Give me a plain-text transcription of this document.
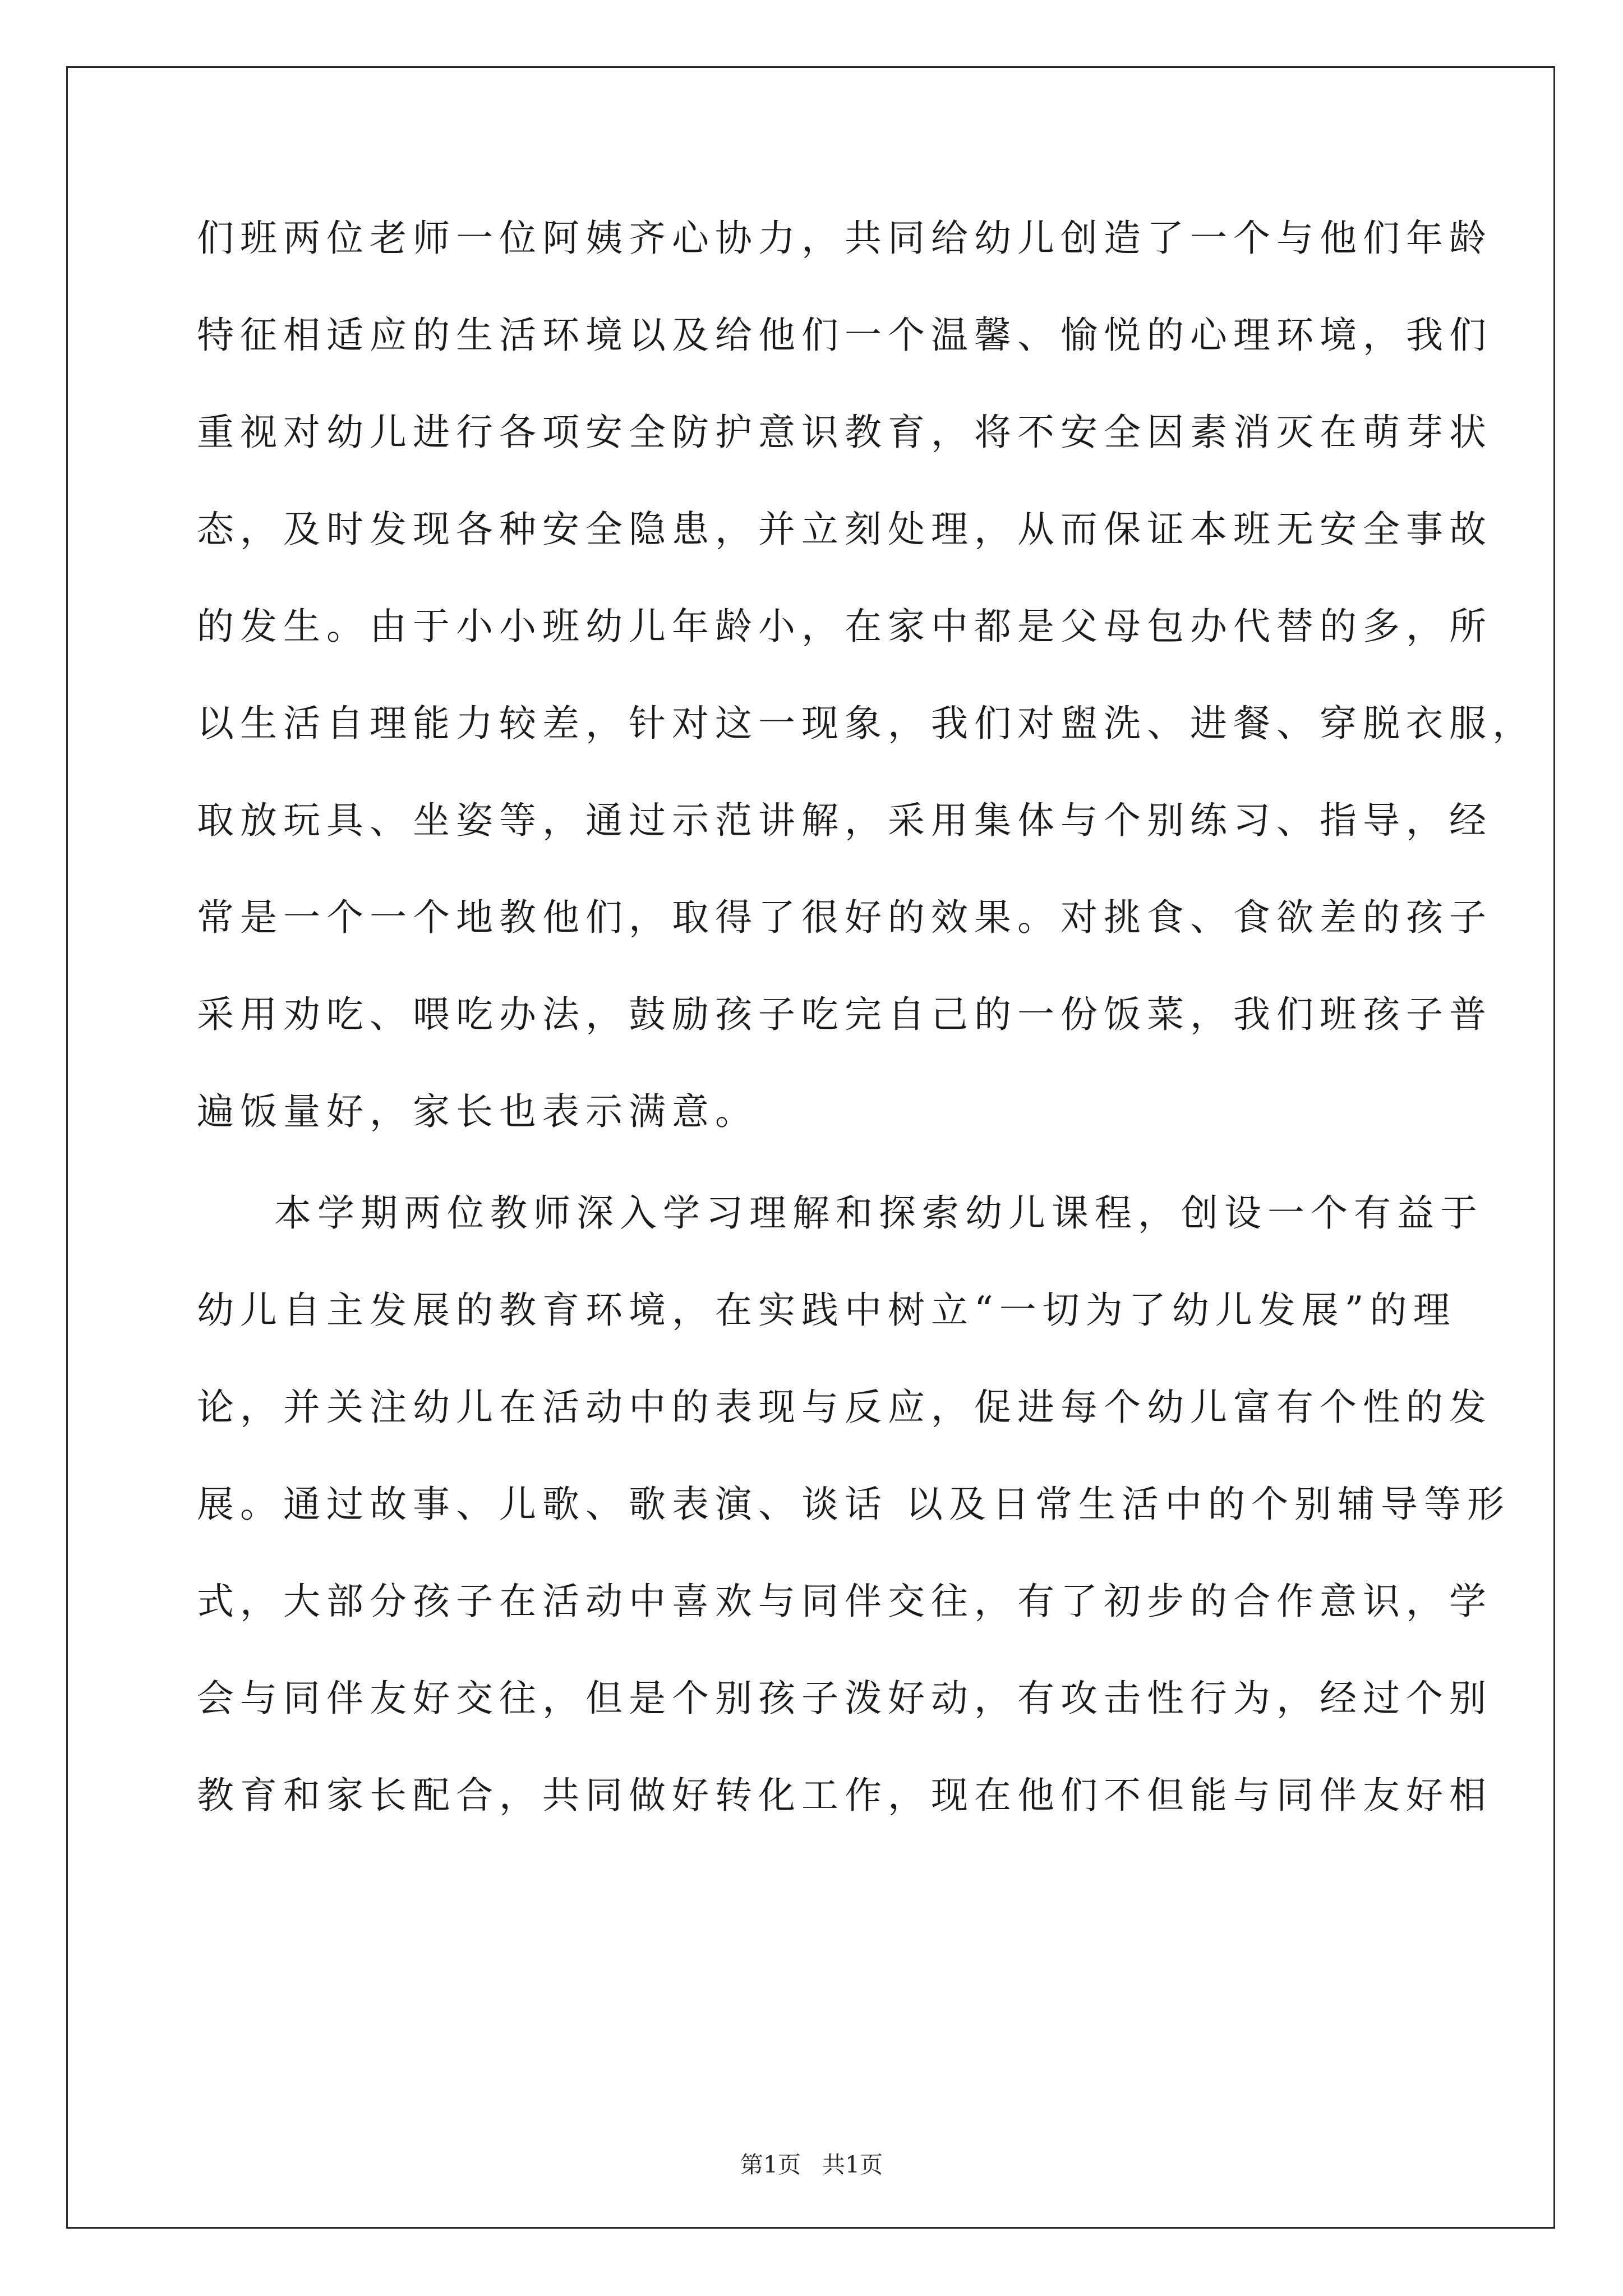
们班两位老师一位阿姨齐心协力，共同给幼儿创造了一个与他们年龄
特征相适应的生活环境以及给他们一个温馨、愉悦的心理环境，我们
重视对幼儿进行各项安全防护意识教育，将不安全因素消灭在萌芽状
态，及时发现各种安全隐患，并立刻处理，从而保证本班无安全事故
的发生。由于小小班幼儿年龄小，在家中都是父母包办代替的多，所
以生活自理能力较差，针对这一现象，我们对盥洗、进餐、穿脱衣服，
取放玩具、坐姿等，通过示范讲解，采用集体与个别练习、指导，经
常是一个一个地教他们，取得了很好的效果。对挑食、食欲差的孩子
采用劝吃、喂吃办法，鼓励孩子吃完自己的一份饭菜，我们班孩子普
遍饭量好，家长也表示满意。
本学期两位教师深入学习理解和探索幼儿课程，创设一个有益于
幼儿自主发展的教育环境，在实践中树立“一切为了幼儿发展”的理
论，并关注幼儿在活动中的表现与反应，促进每个幼儿富有个性的发
展。通过故事、儿歌、歌表演、谈话 以及日常生活中的个别辅导等形
式，大部分孩子在活动中喜欢与同伴交往，有了初步的合作意识，学
会与同伴友好交往，但是个别孩子泼好动，有攻击性行为，经过个别
教育和家长配合，共同做好转化工作，现在他们不但能与同伴友好相
第1页 共1页
